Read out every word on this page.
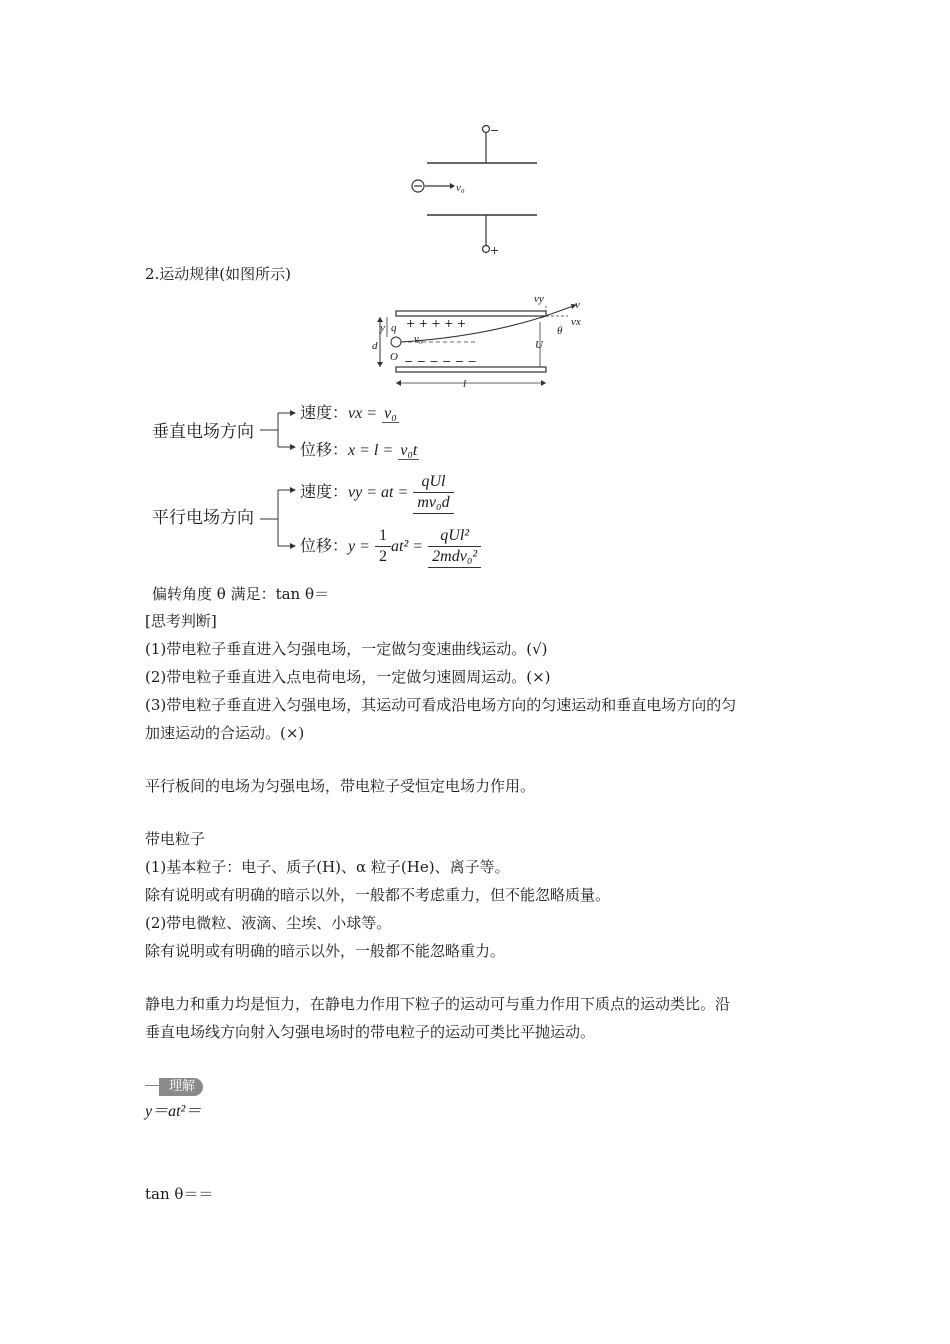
−
v₀
+
2.运动规律(如图所示)
v
vy
vx
θ
y q + + + + +
v₀
d	U
O − − − − − −
l
垂直电场方向
速度：vx = v₀
位移：x = l = v₀t
平行电场方向
速度：vy = at = $\frac{\text{qUl}}{\text{mv₀d}}$
位移：$y = \frac{1}{2} at^2 = \frac{\text{qUl²}}{\text{2mdv₀²}}$
偏转角度 θ 满足：tan θ＝
[思考判断]
(1)带电粒子垂直进入匀强电场，一定做匀变速曲线运动。(√)
(2)带电粒子垂直进入点电荷电场，一定做匀速圆周运动。(×)
(3)带电粒子垂直进入匀强电场，其运动可看成沿电场方向的匀速运动和垂直电场方向的匀
加速运动的合运动。(×)
平行板间的电场为匀强电场，带电粒子受恒定电场力作用。
带电粒子
(1)基本粒子：电子、质子(H)、α 粒子(He)、离子等。
除有说明或有明确的暗示以外，一般都不考虑重力，但不能忽略质量。
(2)带电微粒、液滴、尘埃、小球等。
除有说明或有明确的暗示以外，一般都不能忽略重力。
静电力和重力均是恒力，在静电力作用下粒子的运动可与重力作用下质点的运动类比。沿
垂直电场线方向射入匀强电场时的带电粒子的运动可类比平抛运动。
理解
y＝at²＝
tan θ＝＝
